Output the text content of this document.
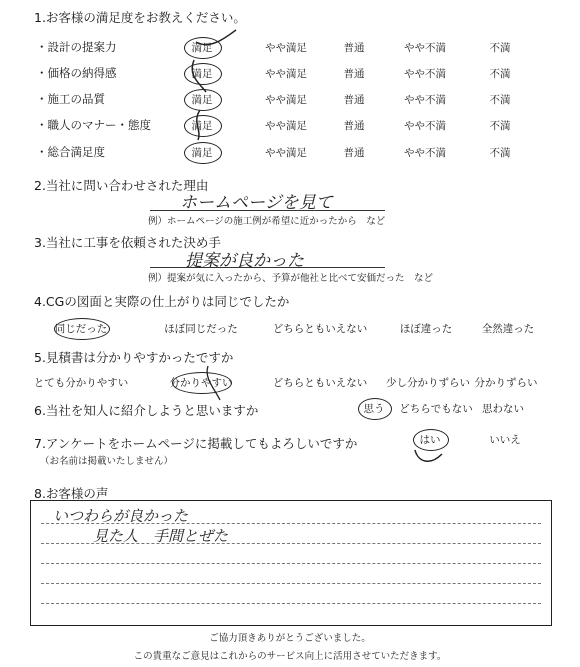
1.お客様の満足度をお教えください。
・設計の提案力	満足	やや満足	普通	やや不満	不満
・価格の納得感	満足	やや満足	普通	やや不満	不満
・施工の品質	満足	やや満足	普通	やや不満	不満
・職人のマナー・態度	満足	やや満足	普通	やや不満	不満
・総合満足度	満足	やや満足	普通	やや不満	不満
2.当社に問い合わせされた理由
ホームページを見て
例）ホームページの施工例が希望に近かったから　など
3.当社に工事を依頼された決め手
提案が良かった
例）提案が気に入ったから、予算が他社と比べて安価だった　など
4.CGの図面と実際の仕上がりは同じでしたか
同じだった	ほぼ同じだった	どちらともいえない	ほぼ違った	全然違った
5.見積書は分かりやすかったですか
とても分かりやすい	分かりやすい	どちらともいえない 少し分かりずらい 分かりずらい
6.当社を知人に紹介しようと思いますか	思う どちらでもない 思わない
7.アンケートをホームページに掲載してもよろしいですか
（お名前は掲載いたしません）
はい	いいえ
8.お客様の声
いつわらが良かった
見た人　手間とぜた
ご協力頂きありがとうございました。
この貴重なご意見はこれからのサービス向上に活用させていただきます。
